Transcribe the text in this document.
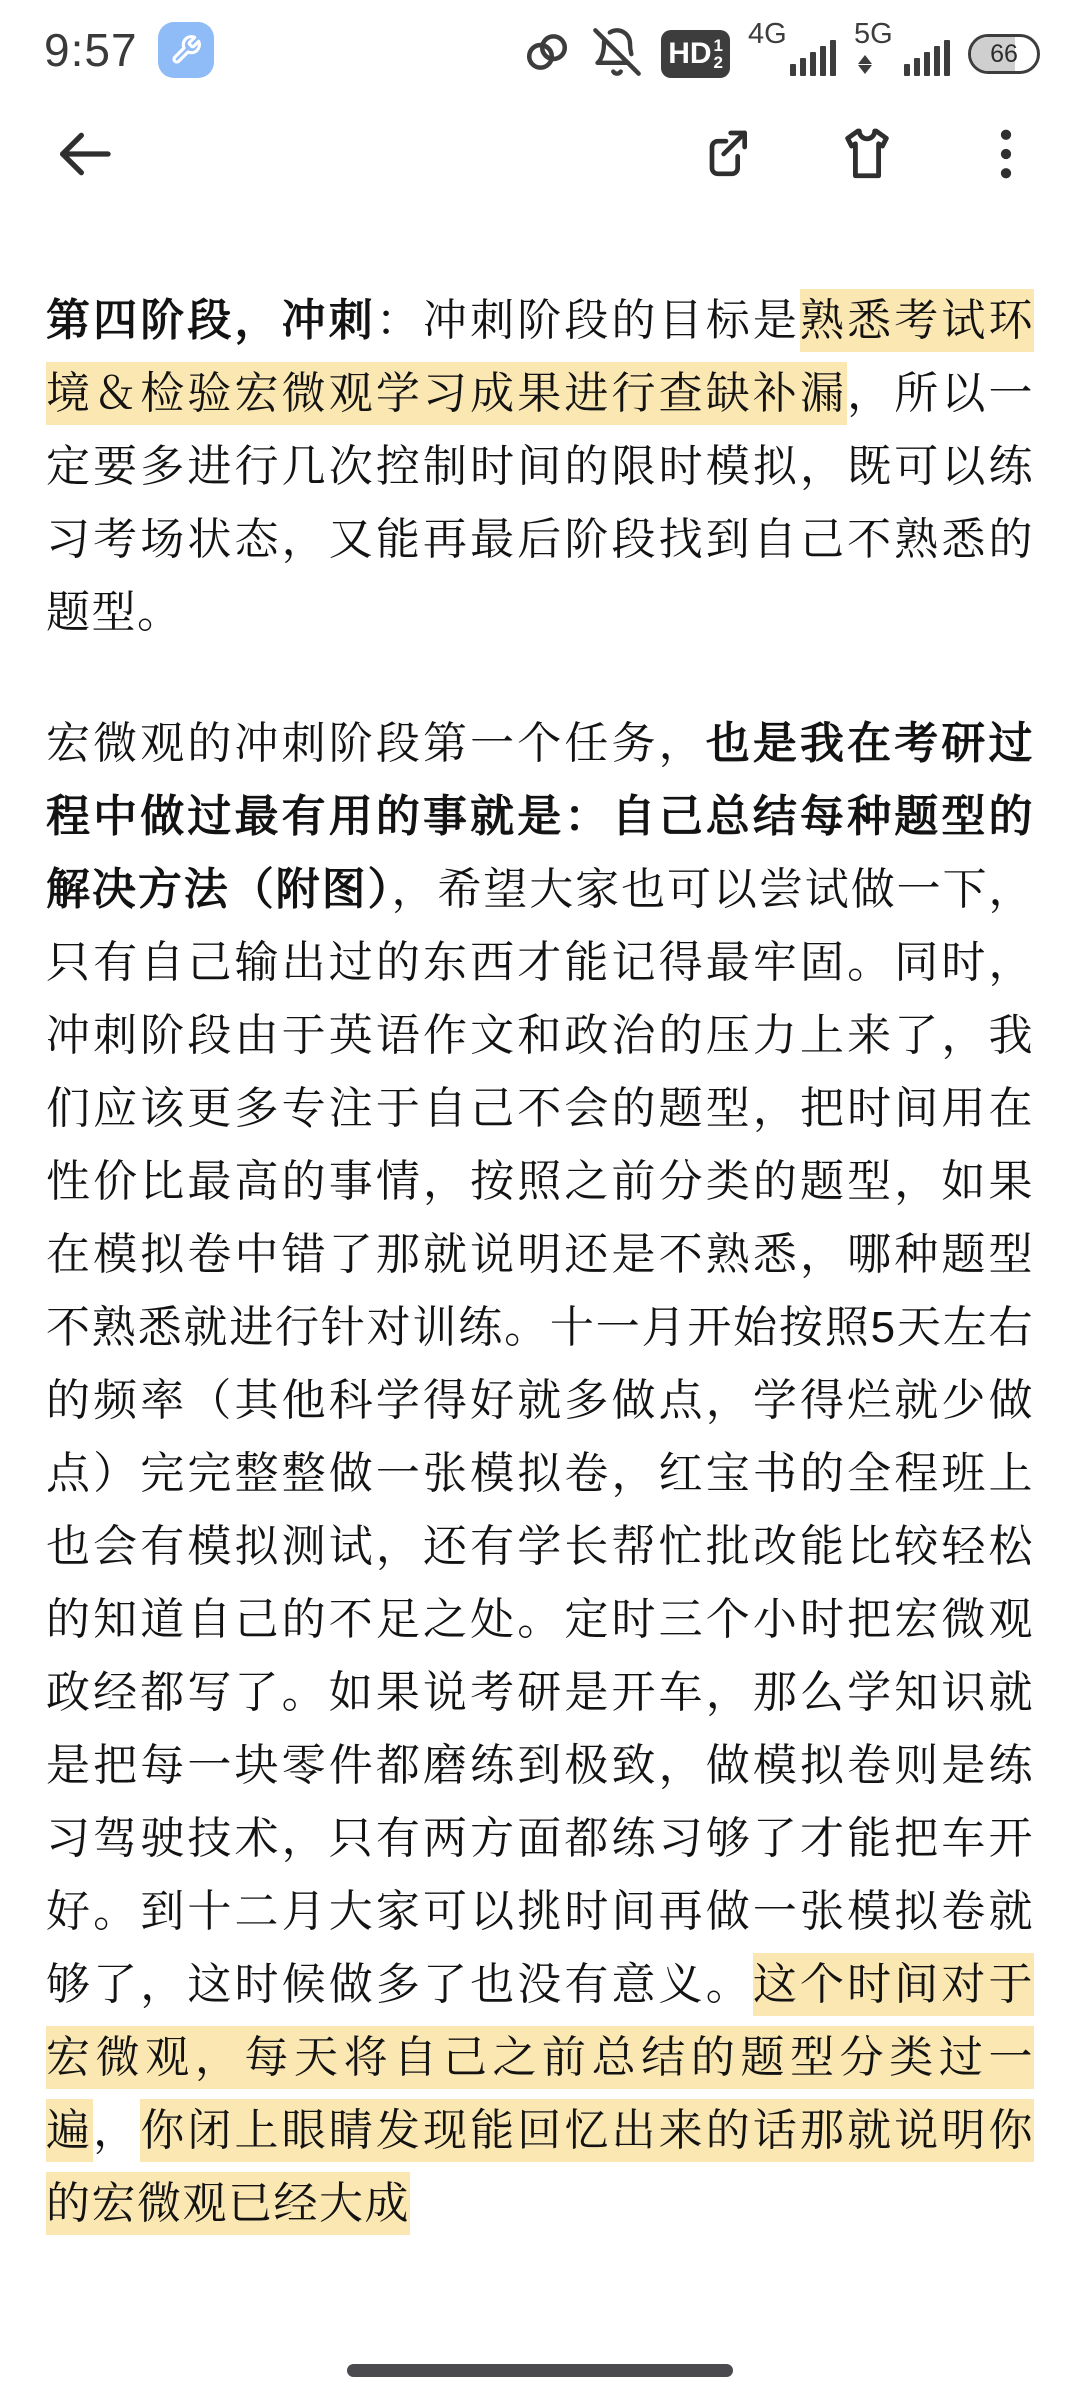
9:57	HD 1
2
4G 5G
66

第四阶段，冲刺：冲刺阶段的目标是熟悉考试环境＆检验宏微观学习成果进行查缺补漏，所以一定要多进行几次控制时间的限时模拟，既可以练习考场状态，又能再最后阶段找到自己不熟悉的题型。

宏微观的冲刺阶段第一个任务，也是我在考研过程中做过最有用的事就是：自己总结每种题型的解决方法（附图），希望大家也可以尝试做一下，只有自己输出过的东西才能记得最牢固。同时，冲刺阶段由于英语作文和政治的压力上来了，我们应该更多专注于自己不会的题型，把时间用在性价比最高的事情，按照之前分类的题型，如果在模拟卷中错了那就说明还是不熟悉，哪种题型不熟悉就进行针对训练。十一月开始按照5天左右的频率（其他科学得好就多做点，学得烂就少做点）完完整整做一张模拟卷，红宝书的全程班上也会有模拟测试，还有学长帮忙批改能比较轻松的知道自己的不足之处。定时三个小时把宏微观政经都写了。如果说考研是开车，那么学知识就是把每一块零件都磨练到极致，做模拟卷则是练习驾驶技术，只有两方面都练习够了才能把车开好。到十二月大家可以挑时间再做一张模拟卷就够了，这时候做多了也没有意义。这个时间对于宏微观，每天将自己之前总结的题型分类过一遍，你闭上眼睛发现能回忆出来的话那就说明你的宏微观已经大成
